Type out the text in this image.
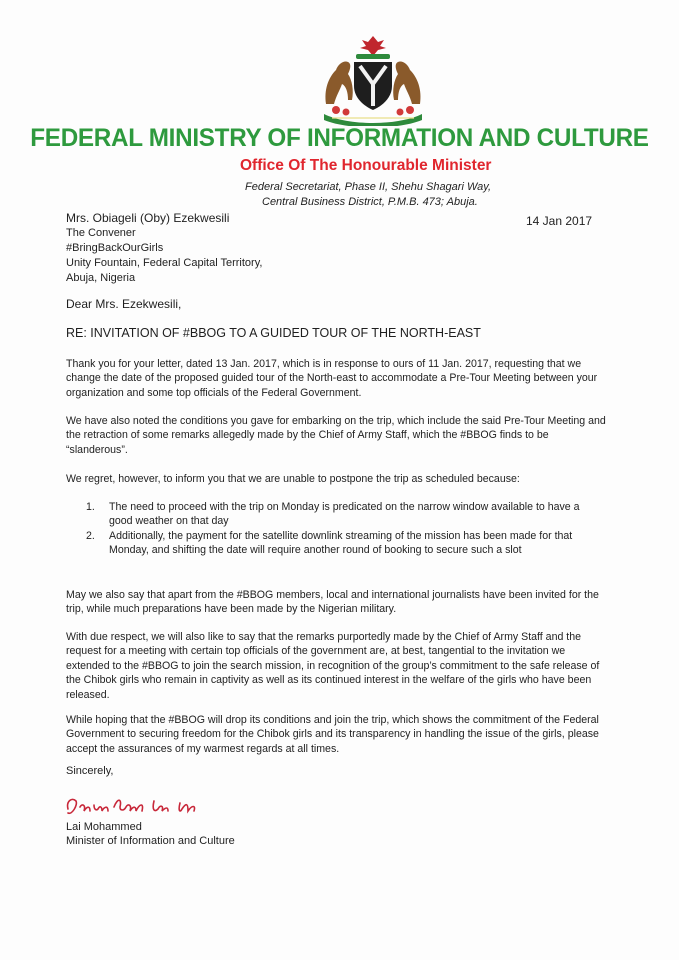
FEDERAL MINISTRY OF INFORMATION AND CULTURE
Office Of The Honourable Minister
Federal Secretariat, Phase II, Shehu Shagari Way,
Central Business District, P.M.B. 473; Abuja.
Mrs. Obiageli (Oby) Ezekwesili
The Convener
#BringBackOurGirls
Unity Fountain, Federal Capital Territory,
Abuja, Nigeria
14 Jan 2017
Dear Mrs. Ezekwesili,
RE: INVITATION OF #BBOG TO A GUIDED TOUR OF THE NORTH-EAST

Thank you for your letter, dated 13 Jan. 2017, which is in response to ours of 11 Jan. 2017, requesting that we change the date of the proposed guided tour of the North-east to accommodate a Pre-Tour Meeting between your organization and some top officials of the Federal Government.

We have also noted the conditions you gave for embarking on the trip, which include the said Pre-Tour Meeting and the retraction of some remarks allegedly made by the Chief of Army Staff, which the #BBOG finds to be “slanderous”.

We regret, however, to inform you that we are unable to postpone the trip as scheduled because:

1. The need to proceed with the trip on Monday is predicated on the narrow window available to have a good weather on that day
2. Additionally, the payment for the satellite downlink streaming of the mission has been made for that Monday, and shifting the date will require another round of booking to secure such a slot

May we also say that apart from the #BBOG members, local and international journalists have been invited for the trip, while much preparations have been made by the Nigerian military.

With due respect, we will also like to say that the remarks purportedly made by the Chief of Army Staff and the request for a meeting with certain top officials of the government are, at best, tangential to the invitation we extended to the #BBOG to join the search mission, in recognition of the group’s commitment to the safe release of the Chibok girls who remain in captivity as well as its continued interest in the welfare of the girls who have been released.

While hoping that the #BBOG will drop its conditions and join the trip, which shows the commitment of the Federal Government to securing freedom for the Chibok girls and its transparency in handling the issue of the girls, please accept the assurances of my warmest regards at all times.

Sincerely,
Lai Mohammed
Minister of Information and Culture
